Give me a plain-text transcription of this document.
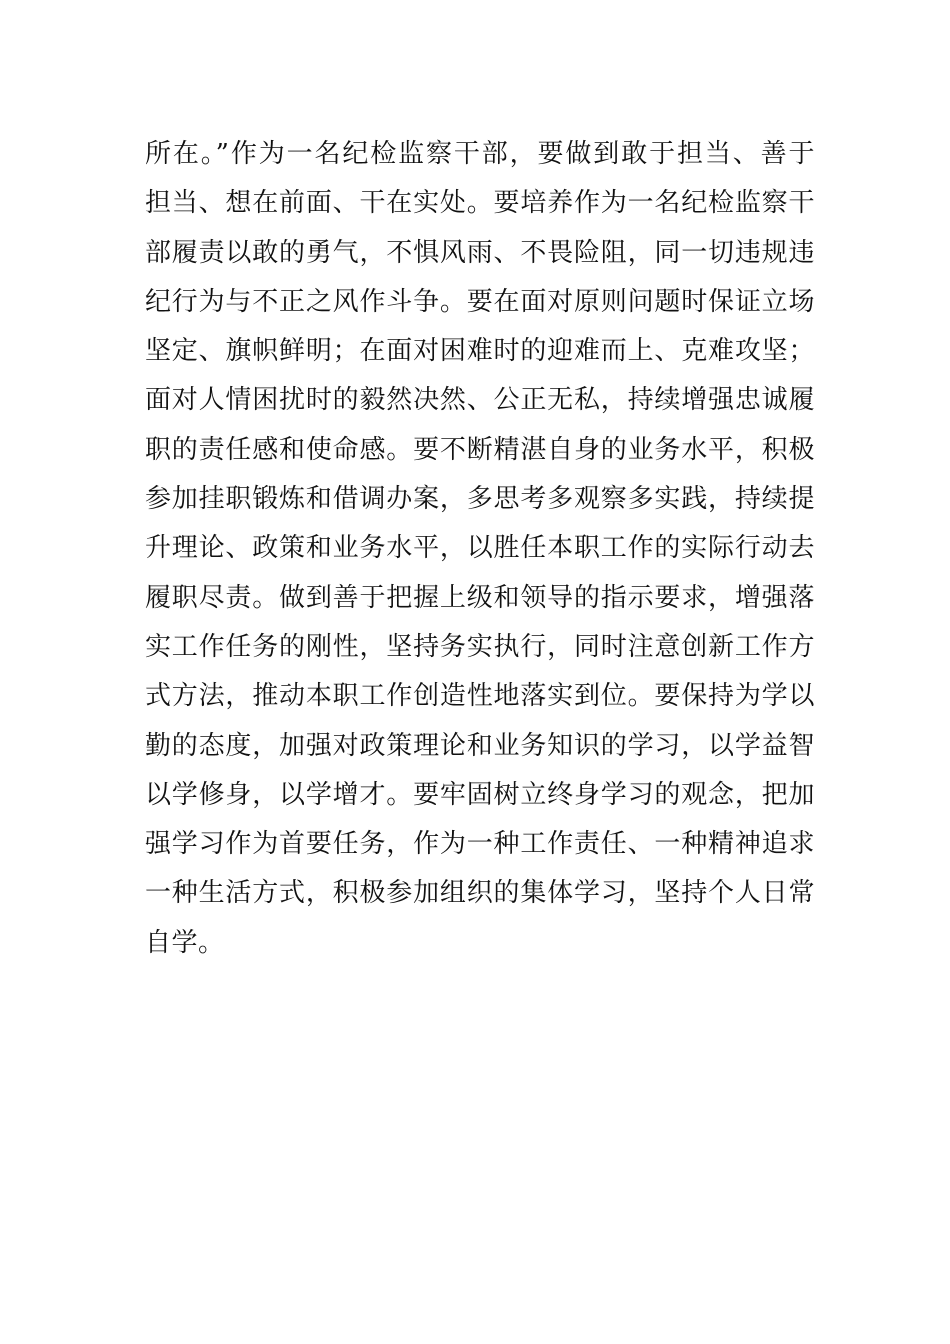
所在。”作为一名纪检监察干部，要做到敢于担当、善于
担当、想在前面、干在实处。要培养作为一名纪检监察干
部履责以敢的勇气，不惧风雨、不畏险阻，同一切违规违
纪行为与不正之风作斗争。要在面对原则问题时保证立场
坚定、旗帜鲜明；在面对困难时的迎难而上、克难攻坚；
面对人情困扰时的毅然决然、公正无私，持续增强忠诚履
职的责任感和使命感。要不断精湛自身的业务水平，积极
参加挂职锻炼和借调办案，多思考多观察多实践，持续提
升理论、政策和业务水平，以胜任本职工作的实际行动去
履职尽责。做到善于把握上级和领导的指示要求，增强落
实工作任务的刚性，坚持务实执行，同时注意创新工作方
式方法，推动本职工作创造性地落实到位。要保持为学以
勤的态度，加强对政策理论和业务知识的学习，以学益智
以学修身，以学增才。要牢固树立终身学习的观念，把加
强学习作为首要任务，作为一种工作责任、一种精神追求
一种生活方式，积极参加组织的集体学习，坚持个人日常
自学。
